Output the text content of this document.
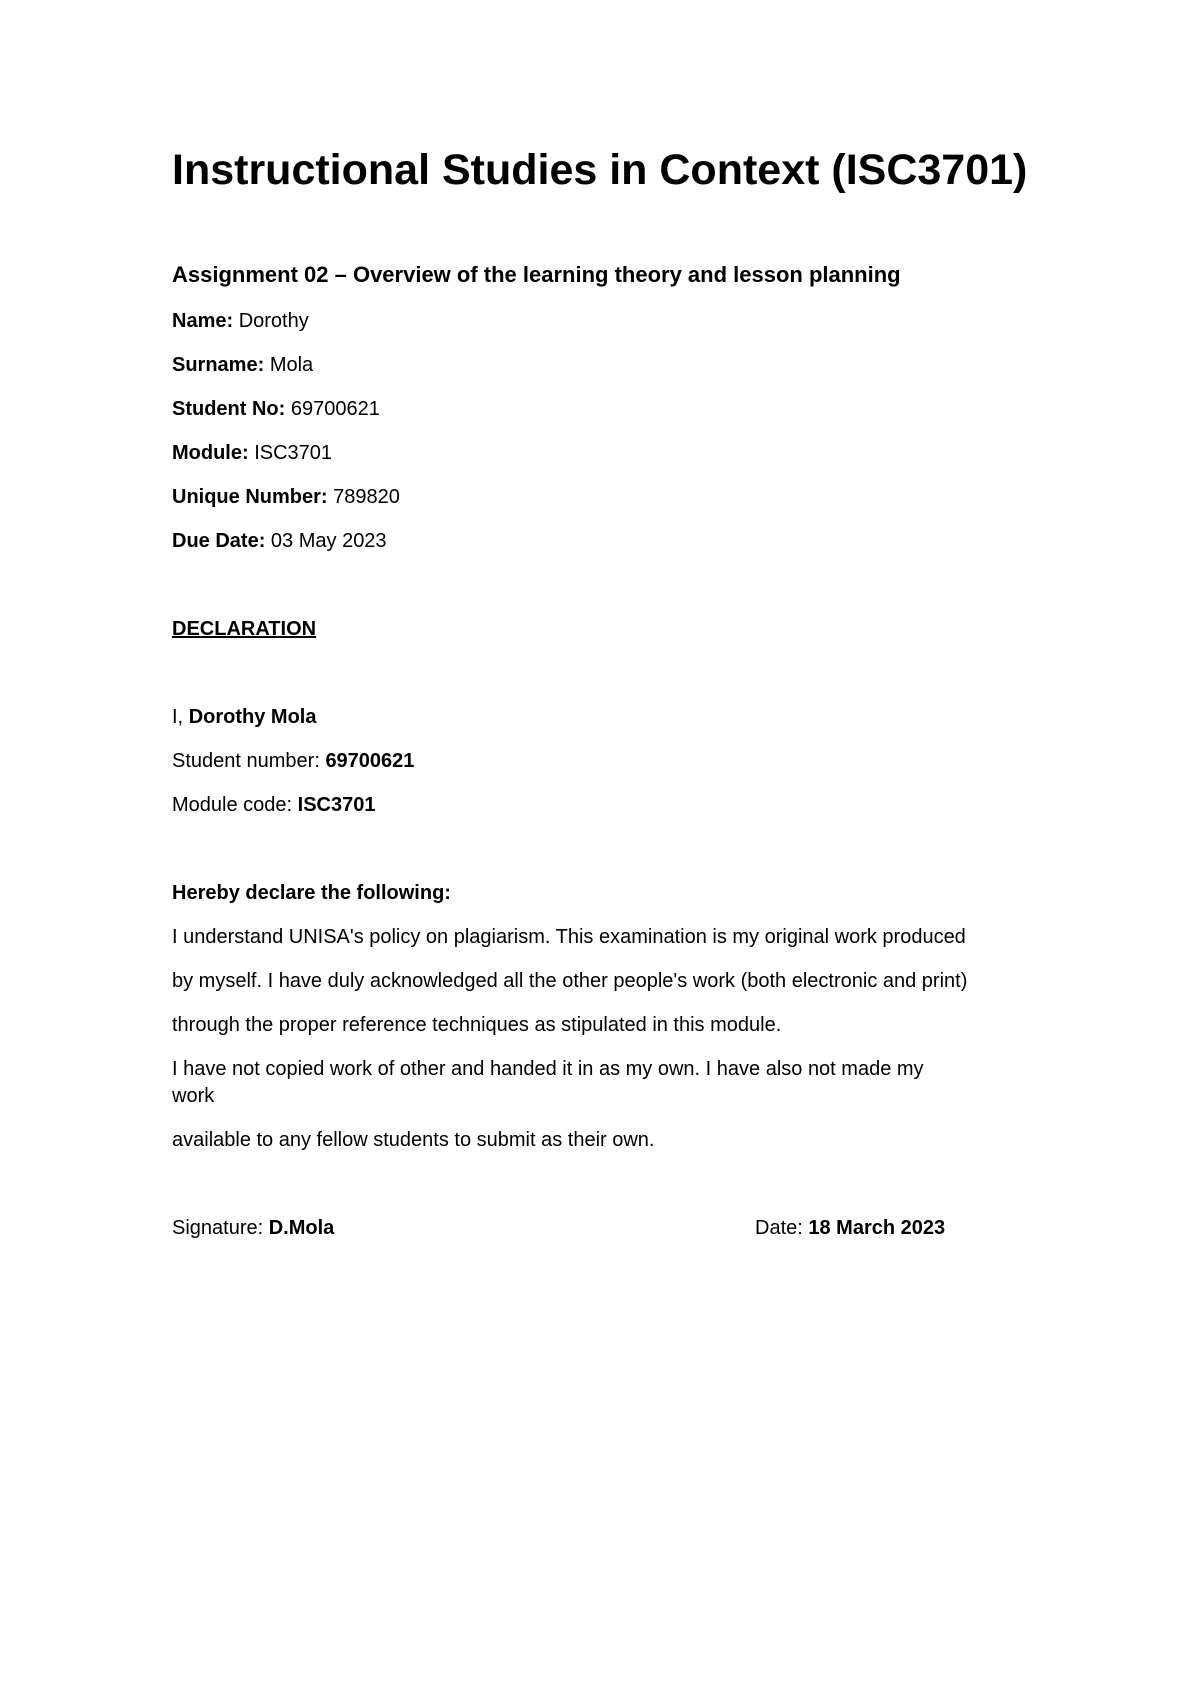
Instructional Studies in Context (ISC3701)
Assignment 02 – Overview of the learning theory and lesson planning
Name: Dorothy
Surname: Mola
Student No: 69700621
Module: ISC3701
Unique Number: 789820
Due Date: 03 May 2023
DECLARATION
I, Dorothy Mola
Student number: 69700621
Module code: ISC3701
Hereby declare the following:
I understand UNISA's policy on plagiarism. This examination is my original work produced
by myself. I have duly acknowledged all the other people's work (both electronic and print)
through the proper reference techniques as stipulated in this module.
I have not copied work of other and handed it in as my own. I have also not made my
work
available to any fellow students to submit as their own.
Signature: D.Mola	Date: 18 March 2023
